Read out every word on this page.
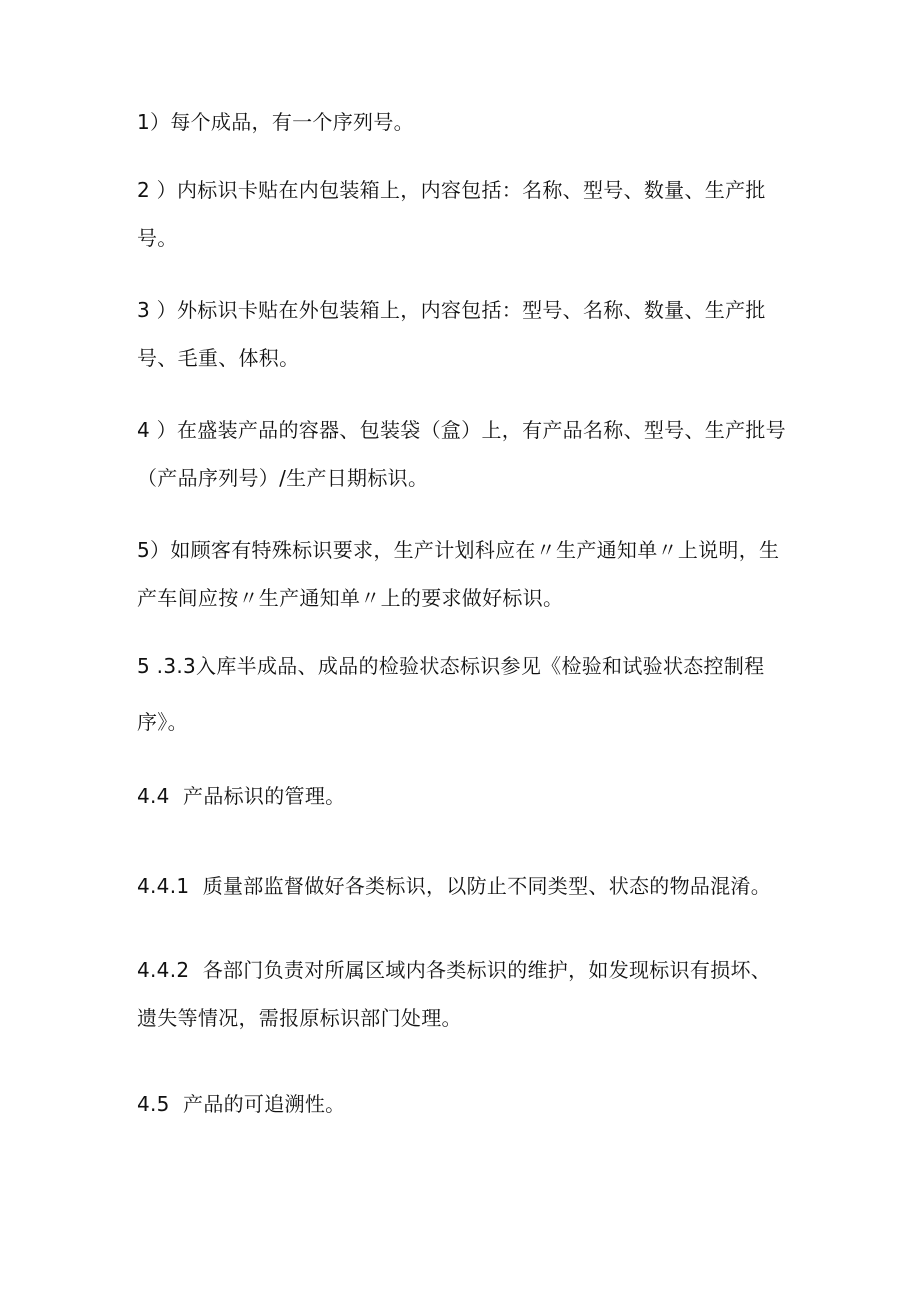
1）每个成品，有一个序列号。

2 ）内标识卡贴在内包装箱上，内容包括：名称、型号、数量、生产批号。

3 ）外标识卡贴在外包装箱上，内容包括：型号、名称、数量、生产批号、毛重、体积。

4 ）在盛装产品的容器、包装袋（盒）上，有产品名称、型号、生产批号（产品序列号）/生产日期标识。

5）如顾客有特殊标识要求，生产计划科应在〃生产通知单〃上说明，生产车间应按〃生产通知单〃上的要求做好标识。

5 .3.3入库半成品、成品的检验状态标识参见《检验和试验状态控制程序》。

4.4  产品标识的管理。

4.4.1  质量部监督做好各类标识，以防止不同类型、状态的物品混淆。

4.4.2  各部门负责对所属区域内各类标识的维护，如发现标识有损坏、遗失等情况，需报原标识部门处理。

4.5  产品的可追溯性。
